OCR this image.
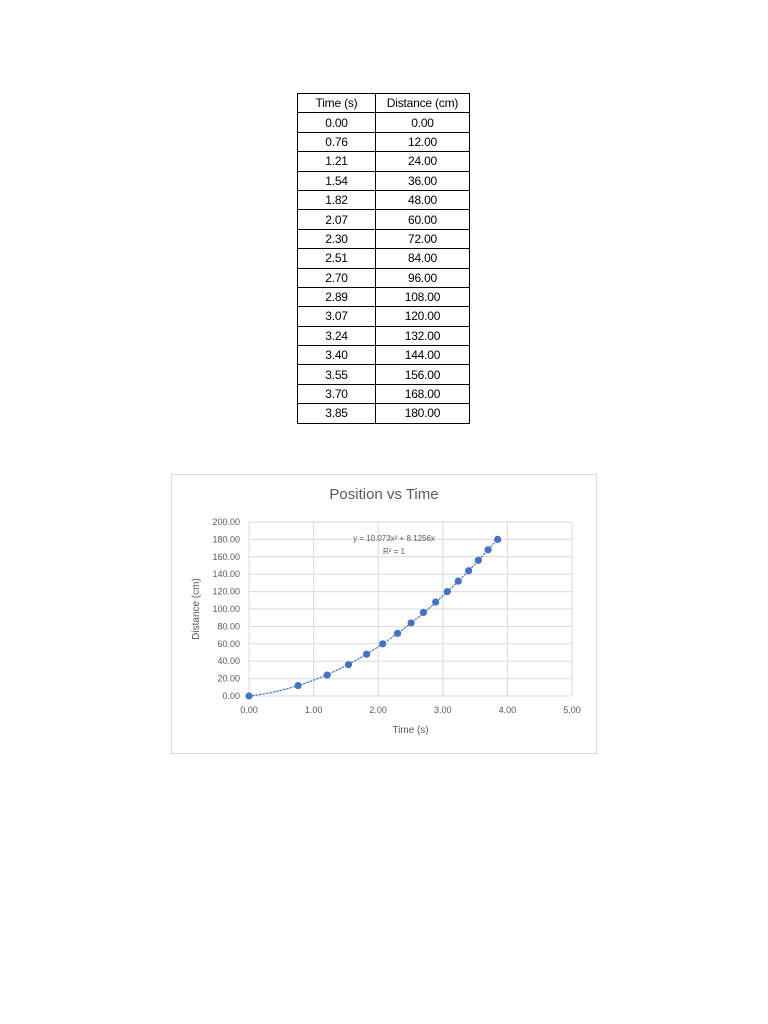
Time (s)	Distance (cm)
0.00	0.00
0.76	12.00
1.21	24.00
1.54	36.00
1.82	48.00
2.07	60.00
2.30	72.00
2.51	84.00
2.70	96.00
2.89	108.00
3.07	120.00
3.24	132.00
3.40	144.00
3.55	156.00
3.70	168.00
3.85	180.00
Position vs Time
0.00
20.00
40.00
60.00
80.00
100.00
120.00
140.00
160.00
180.00
200.00
0.00	1.00	2.00	3.00	4.00	5.00
Time (s)
Distance (cm)
y = 10.073x² + 8.1256x
R² = 1
